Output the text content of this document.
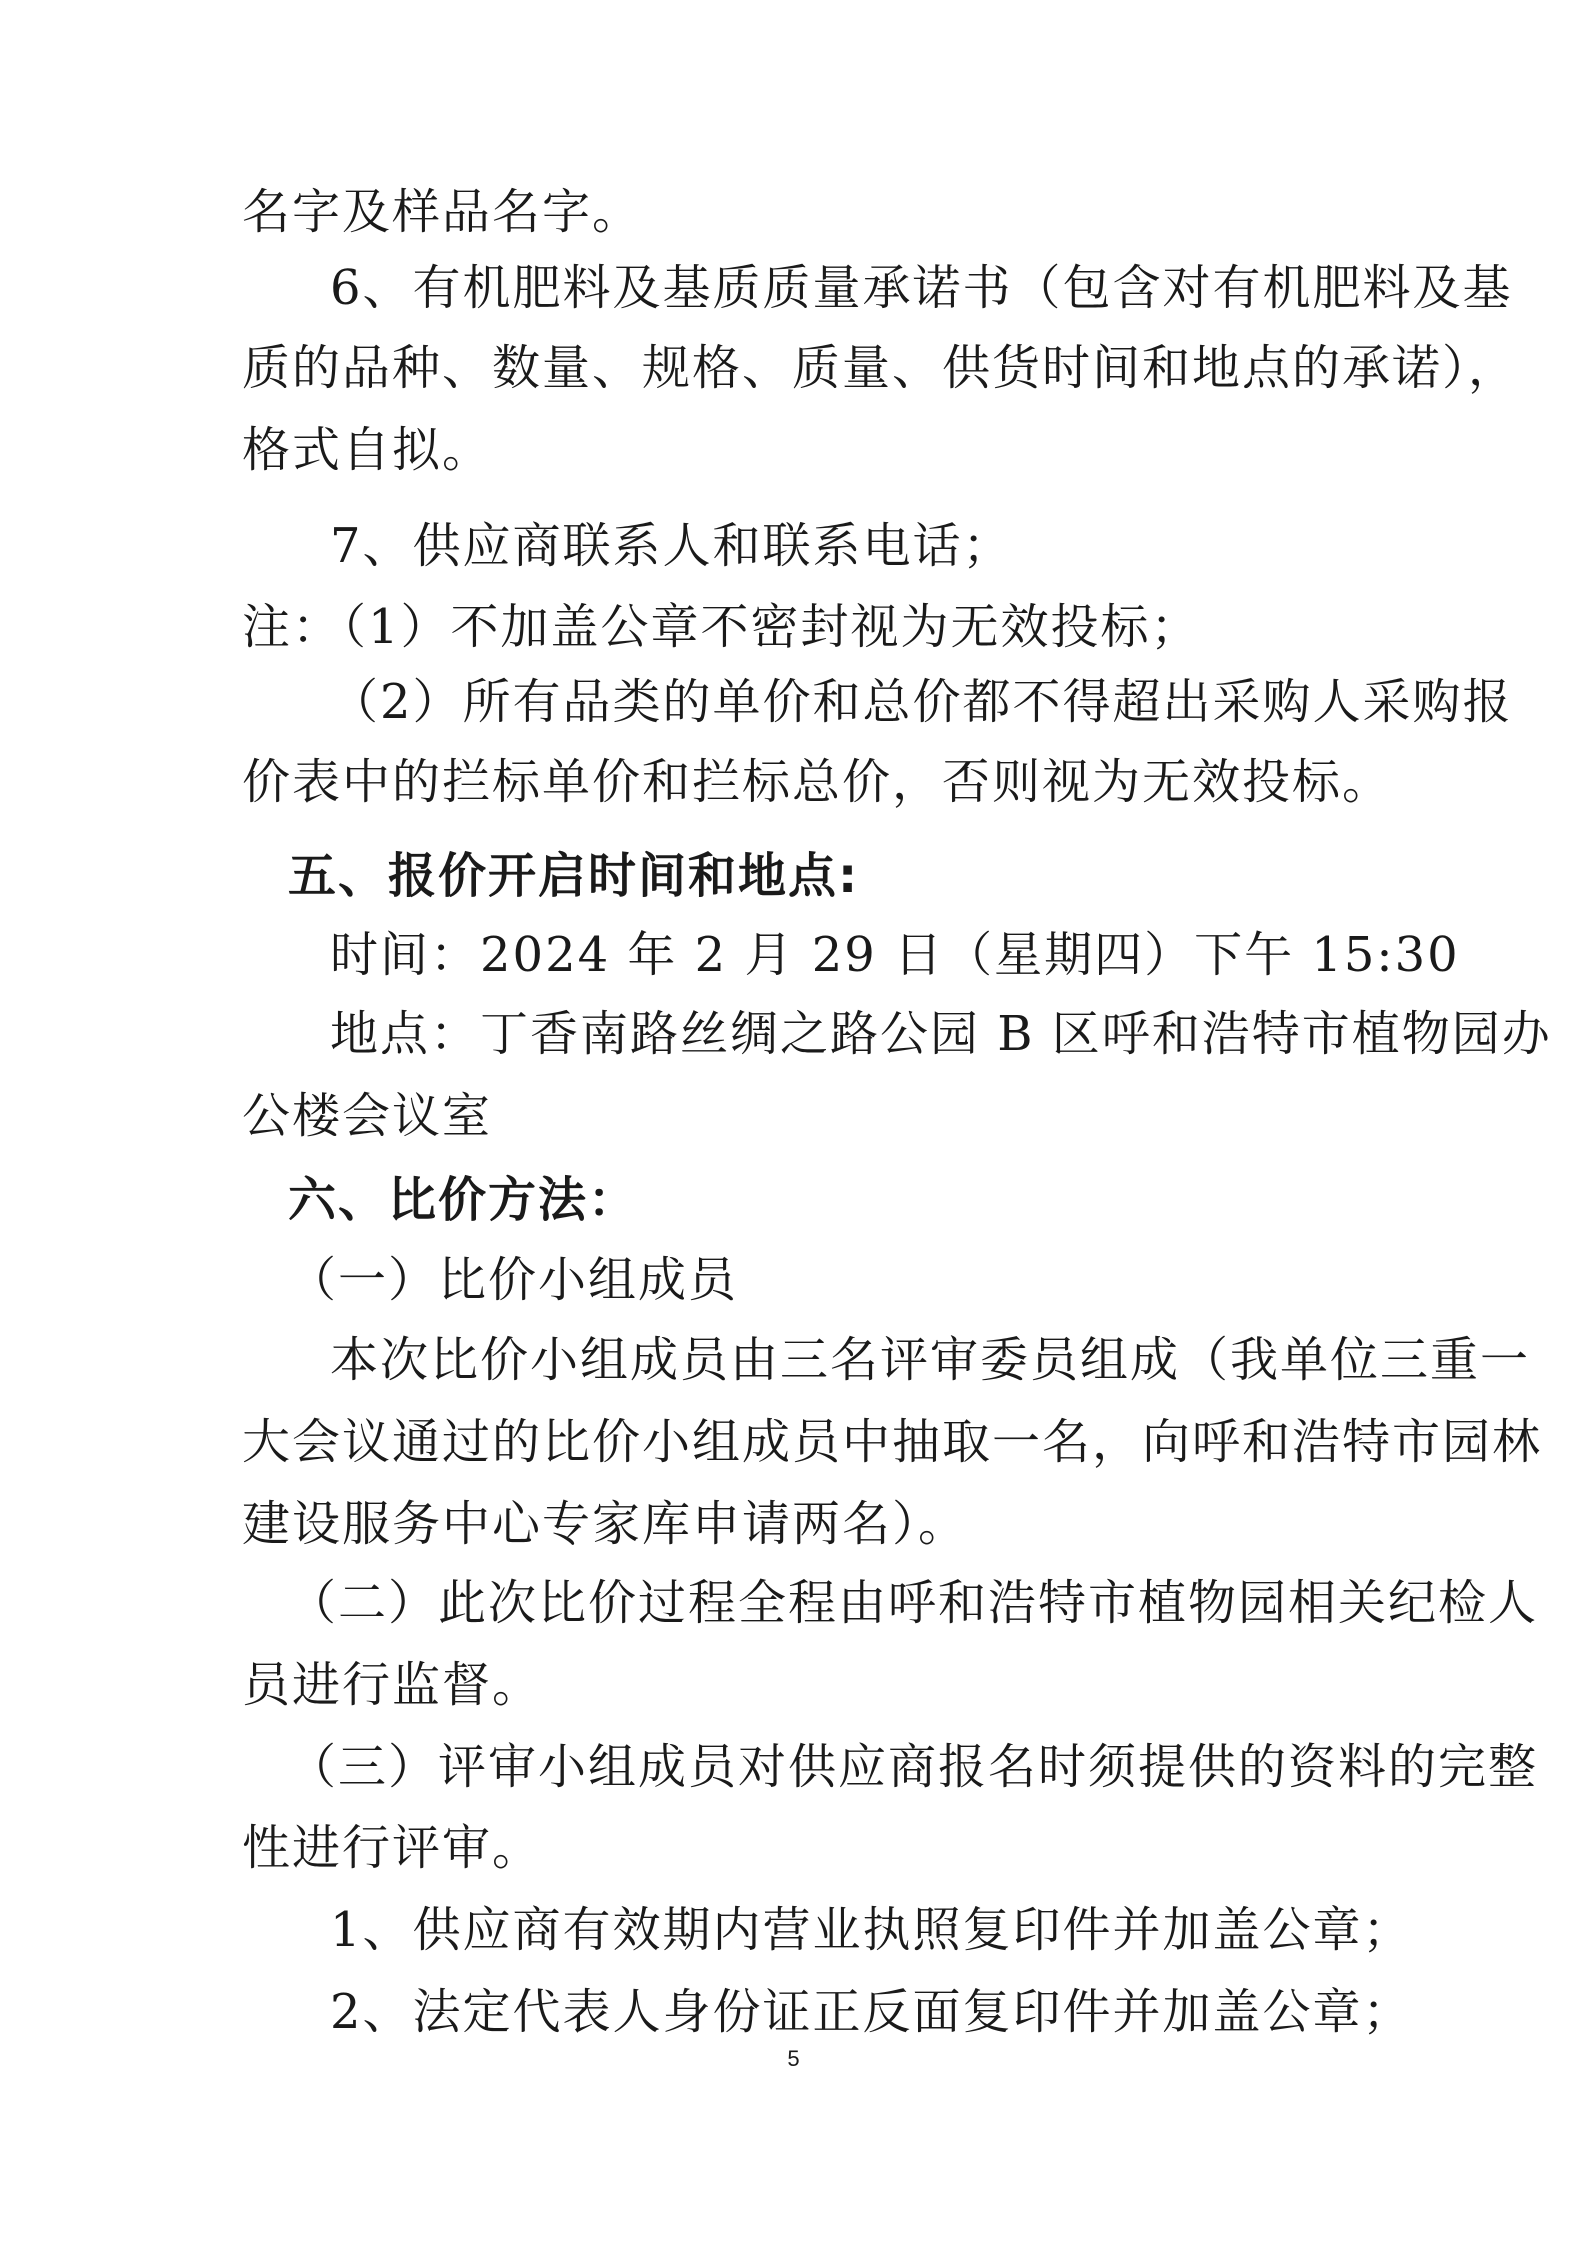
名字及样品名字。
6、有机肥料及基质质量承诺书（包含对有机肥料及基
质的品种、数量、规格、质量、供货时间和地点的承诺），
格式自拟。
7、供应商联系人和联系电话；
注：（1）不加盖公章不密封视为无效投标；
（2）所有品类的单价和总价都不得超出采购人采购报
价表中的拦标单价和拦标总价，否则视为无效投标。
五、报价开启时间和地点:
时间：2024 年 2 月 29 日（星期四）下午 15:30
地点：丁香南路丝绸之路公园 B 区呼和浩特市植物园办
公楼会议室
六、比价方法：
（一）比价小组成员
本次比价小组成员由三名评审委员组成（我单位三重一
大会议通过的比价小组成员中抽取一名，向呼和浩特市园林
建设服务中心专家库申请两名）。
（二）此次比价过程全程由呼和浩特市植物园相关纪检人
员进行监督。
（三）评审小组成员对供应商报名时须提供的资料的完整
性进行评审。
1、供应商有效期内营业执照复印件并加盖公章；
2、法定代表人身份证正反面复印件并加盖公章；
5
